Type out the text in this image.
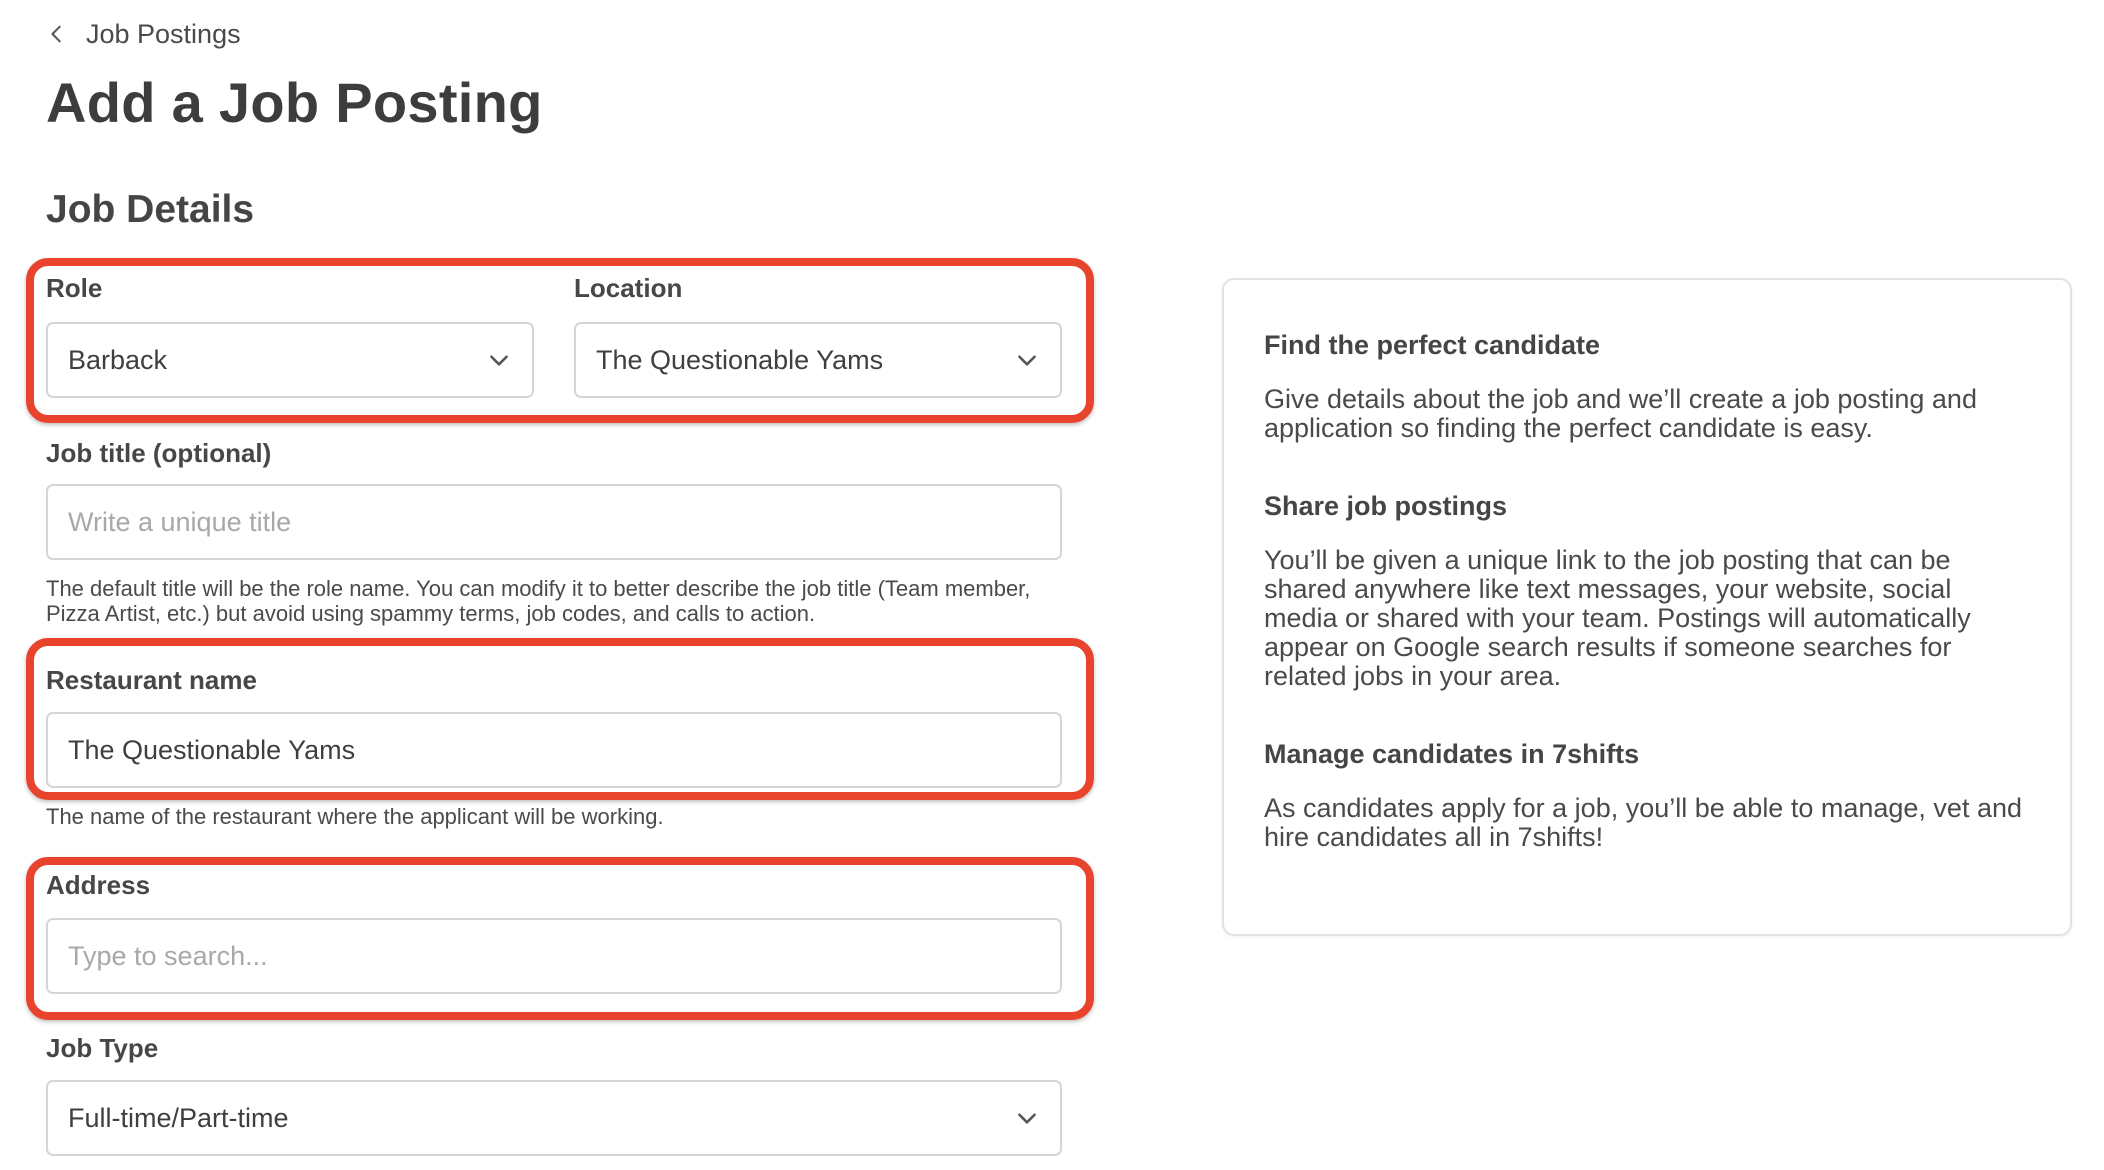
Job Postings
Add a Job Posting
Job Details
Role
Barback
Location
The Questionable Yams
Job title (optional)
Write a unique title
The default title will be the role name. You can modify it to better describe the job title (Team member, Pizza Artist, etc.) but avoid using spammy terms, job codes, and calls to action.
Restaurant name
The Questionable Yams
The name of the restaurant where the applicant will be working.
Address
Type to search...
Job Type
Full-time/Part-time
Find the perfect candidate

Give details about the job and we’ll create a job posting and application so finding the perfect candidate is easy.

Share job postings

You’ll be given a unique link to the job posting that can be shared anywhere like text messages, your website, social media or shared with your team. Postings will automatically appear on Google search results if someone searches for related jobs in your area.

Manage candidates in 7shifts

As candidates apply for a job, you’ll be able to manage, vet and hire candidates all in 7shifts!
